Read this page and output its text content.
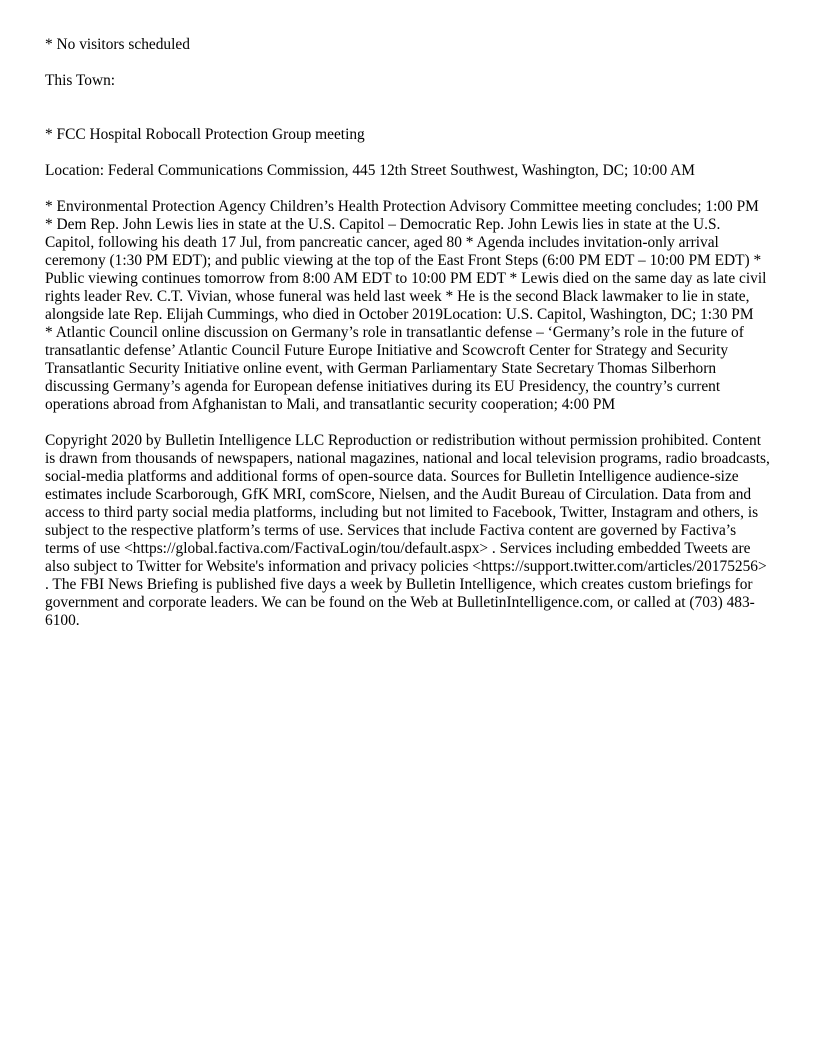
* No visitors scheduled

This Town:

* FCC Hospital Robocall Protection Group meeting

Location: Federal Communications Commission, 445 12th Street Southwest, Washington, DC; 10:00 AM

* Environmental Protection Agency Children’s Health Protection Advisory Committee meeting concludes; 1:00 PM

* Dem Rep. John Lewis lies in state at the U.S. Capitol – Democratic Rep. John Lewis lies in state at the U.S. Capitol, following his death 17 Jul, from pancreatic cancer, aged 80 * Agenda includes invitation-only arrival ceremony (1:30 PM EDT); and public viewing at the top of the East Front Steps (6:00 PM EDT – 10:00 PM EDT) * Public viewing continues tomorrow from 8:00 AM EDT to 10:00 PM EDT * Lewis died on the same day as late civil rights leader Rev. C.T. Vivian, whose funeral was held last week * He is the second Black lawmaker to lie in state, alongside late Rep. Elijah Cummings, who died in October 2019Location: U.S. Capitol, Washington, DC; 1:30 PM

* Atlantic Council online discussion on Germany’s role in transatlantic defense – ‘Germany’s role in the future of transatlantic defense’ Atlantic Council Future Europe Initiative and Scowcroft Center for Strategy and Security Transatlantic Security Initiative online event, with German Parliamentary State Secretary Thomas Silberhorn discussing Germany’s agenda for European defense initiatives during its EU Presidency, the country’s current operations abroad from Afghanistan to Mali, and transatlantic security cooperation; 4:00 PM

Copyright 2020 by Bulletin Intelligence LLC Reproduction or redistribution without permission prohibited. Content is drawn from thousands of newspapers, national magazines, national and local television programs, radio broadcasts, social-media platforms and additional forms of open-source data. Sources for Bulletin Intelligence audience-size estimates include Scarborough, GfK MRI, comScore, Nielsen, and the Audit Bureau of Circulation. Data from and access to third party social media platforms, including but not limited to Facebook, Twitter, Instagram and others, is subject to the respective platform’s terms of use. Services that include Factiva content are governed by Factiva’s terms of use <https://global.factiva.com/FactivaLogin/tou/default.aspx> . Services including embedded Tweets are also subject to Twitter for Website's information and privacy policies <https://support.twitter.com/articles/20175256> . The FBI News Briefing is published five days a week by Bulletin Intelligence, which creates custom briefings for government and corporate leaders. We can be found on the Web at BulletinIntelligence.com, or called at (703) 483-6100.
